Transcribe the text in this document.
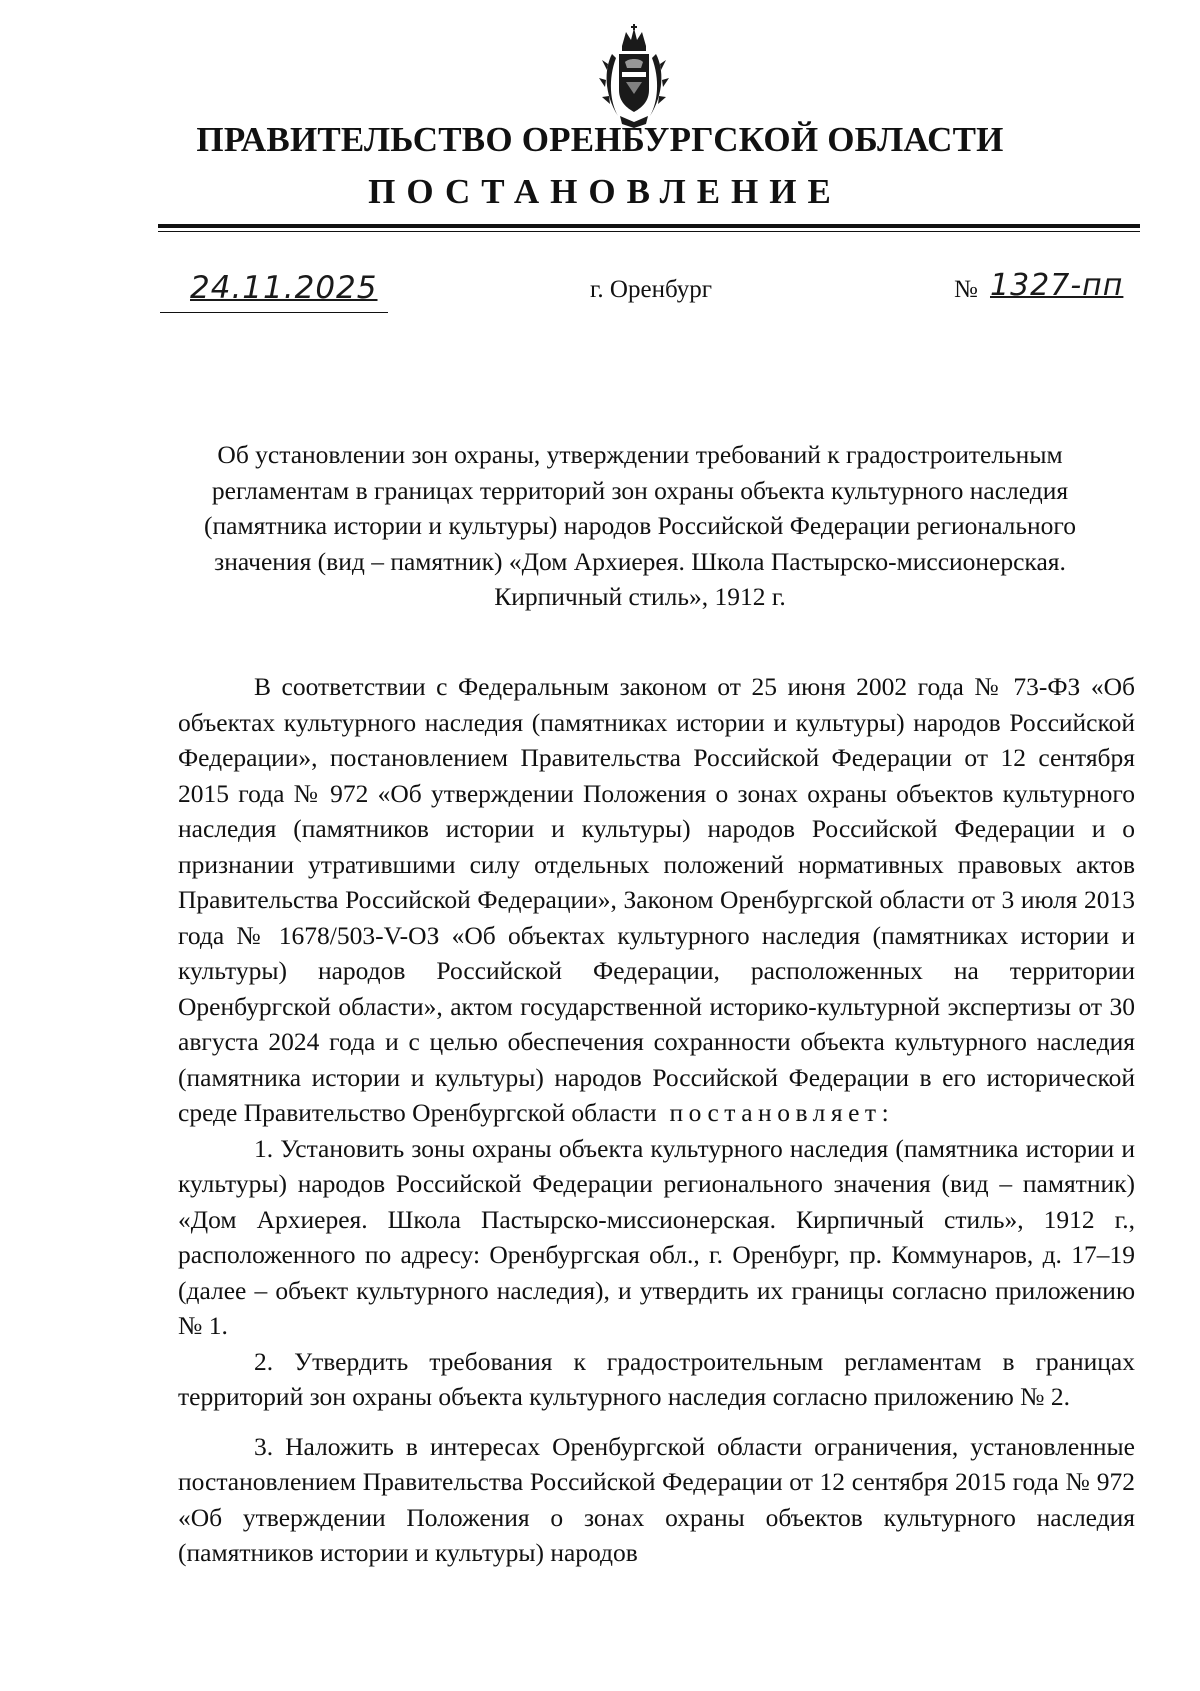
ПРАВИТЕЛЬСТВО ОРЕНБУРГСКОЙ ОБЛАСТИ
ПОСТАНОВЛЕНИЕ
24.11.2025	г. Оренбург	№ 1327-пп
Об установлении зон охраны, утверждении требований к градостроительным регламентам в границах территорий зон охраны объекта культурного наследия (памятника истории и культуры) народов Российской Федерации регионального значения (вид – памятник) «Дом Архиерея. Школа Пастырско-миссионерская. Кирпичный стиль», 1912 г.

В соответствии с Федеральным законом от 25 июня 2002 года № 73-ФЗ «Об объектах культурного наследия (памятниках истории и культуры) народов Российской Федерации», постановлением Правительства Российской Федерации от 12 сентября 2015 года № 972 «Об утверждении Положения о зонах охраны объектов культурного наследия (памятников истории и культуры) народов Российской Федерации и о признании утратившими силу отдельных положений нормативных правовых актов Правительства Российской Федерации», Законом Оренбургской области от 3 июля 2013 года № 1678/503-V-ОЗ «Об объектах культурного наследия (памятниках истории и культуры) народов Российской Федерации, расположенных на территории Оренбургской области», актом государственной историко-культурной экспертизы от 30 августа 2024 года и с целью обеспечения сохранности объекта культурного наследия (памятника истории и культуры) народов Российской Федерации в его исторической среде Правительство Оренбургской области постановляет:

1. Установить зоны охраны объекта культурного наследия (памятника истории и культуры) народов Российской Федерации регионального значения (вид – памятник) «Дом Архиерея. Школа Пастырско-миссионерская. Кирпичный стиль», 1912 г., расположенного по адресу: Оренбургская обл., г. Оренбург, пр. Коммунаров, д. 17–19 (далее – объект культурного наследия), и утвердить их границы согласно приложению № 1.

2. Утвердить требования к градостроительным регламентам в границах территорий зон охраны объекта культурного наследия согласно приложению № 2.

3. Наложить в интересах Оренбургской области ограничения, установленные постановлением Правительства Российской Федерации от 12 сентября 2015 года № 972 «Об утверждении Положения о зонах охраны объектов культурного наследия (памятников истории и культуры) народов
